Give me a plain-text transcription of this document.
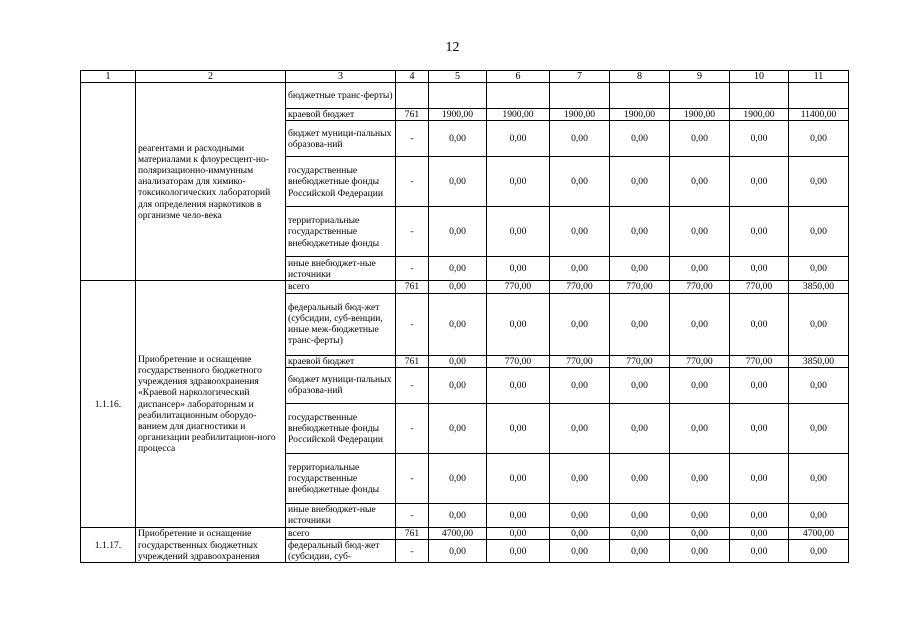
12
1	2	3	4	5	6	7	8	9	10	11
	реагентами и расходными материалами к флоуресцент-но-поляризационно-иммунным анализаторам для химико-токсикологических лабораторий для определения наркотиков в организме чело-века	бюджетные транс-ферты)								
		краевой бюджет	761	1900,00	1900,00	1900,00	1900,00	1900,00	1900,00	11400,00
		бюджет муници-пальных образова-ний	-	0,00	0,00	0,00	0,00	0,00	0,00	0,00
		государственные внебюджетные фонды Российской Федерации	-	0,00	0,00	0,00	0,00	0,00	0,00	0,00
		территориальные государственные внебюджетные фонды	-	0,00	0,00	0,00	0,00	0,00	0,00	0,00
		иные внебюджет-ные источники	-	0,00	0,00	0,00	0,00	0,00	0,00	0,00
1.1.16.	Приобретение и оснащение государственного бюджетного учреждения здравоохранения «Краевой наркологический диспансер» лабораторным и реабилитационным оборудо-ванием для диагностики и организации реабилитацион-ного процесса	всего	761	0,00	770,00	770,00	770,00	770,00	770,00	3850,00
		федеральный бюд-жет (субсидии, суб-венции, иные меж-бюджетные транс-ферты)	-	0,00	0,00	0,00	0,00	0,00	0,00	0,00
		краевой бюджет	761	0,00	770,00	770,00	770,00	770,00	770,00	3850,00
		бюджет муници-пальных образова-ний	-	0,00	0,00	0,00	0,00	0,00	0,00	0,00
		государственные внебюджетные фонды Российской Федерации	-	0,00	0,00	0,00	0,00	0,00	0,00	0,00
		территориальные государственные внебюджетные фонды	-	0,00	0,00	0,00	0,00	0,00	0,00	0,00
		иные внебюджет-ные источники	-	0,00	0,00	0,00	0,00	0,00	0,00	0,00
1.1.17.	Приобретение и оснащение государственных бюджетных учреждений здравоохранения	всего	761	4700,00	0,00	0,00	0,00	0,00	0,00	4700,00
		федеральный бюд-жет (субсидии, суб-	-	0,00	0,00	0,00	0,00	0,00	0,00	0,00
